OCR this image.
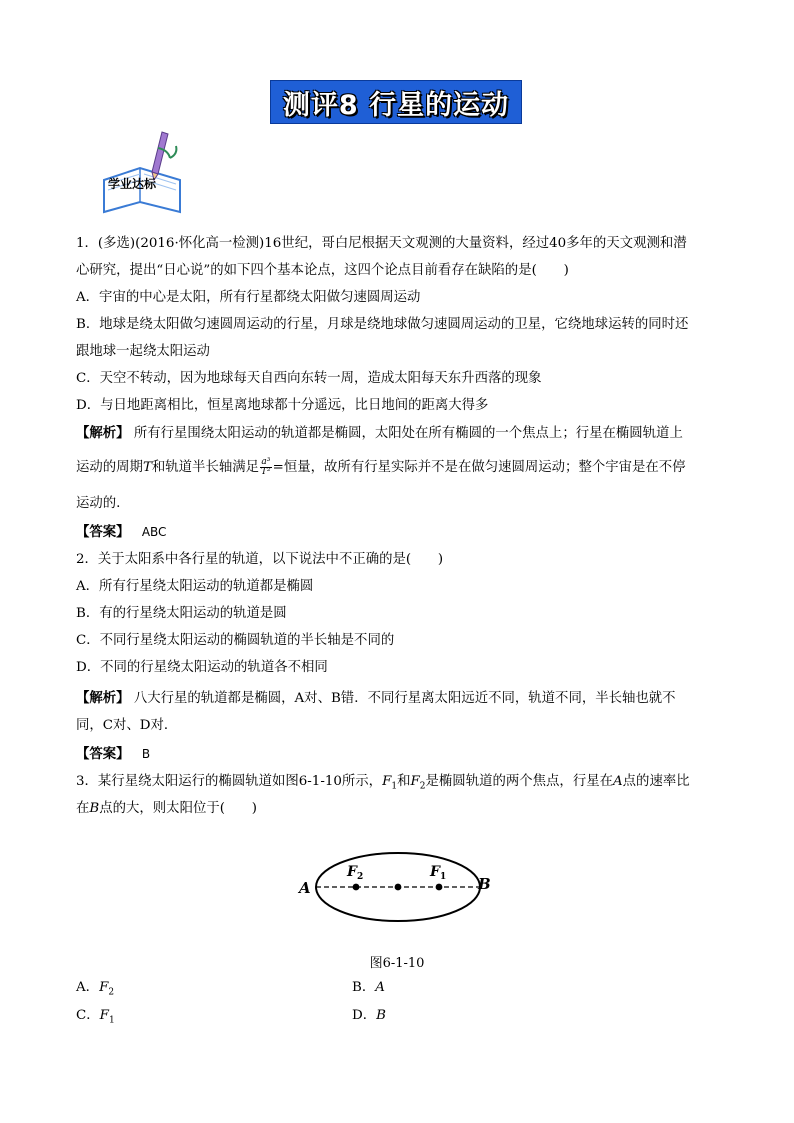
测评8 行星的运动
学业达标
1．(多选)(2016·怀化高一检测)16世纪，哥白尼根据天文观测的大量资料，经过40多年的天文观测和潜
心研究，提出“日心说”的如下四个基本论点，这四个论点目前看存在缺陷的是(　　)
A．宇宙的中心是太阳，所有行星都绕太阳做匀速圆周运动
B．地球是绕太阳做匀速圆周运动的行星，月球是绕地球做匀速圆周运动的卫星，它绕地球运转的同时还
跟地球一起绕太阳运动
C．天空不转动，因为地球每天自西向东转一周，造成太阳每天东升西落的现象
D．与日地距离相比，恒星离地球都十分遥远，比日地间的距离大得多
【解析】 所有行星围绕太阳运动的轨道都是椭圆，太阳处在所有椭圆的一个焦点上；行星在椭圆轨道上
运动的周期T和轨道半长轴满足 $\frac{\text{a³}}{\text{T²}}$ =恒量，故所有行星实际并不是在做匀速圆周运动；整个宇宙是在不停
运动的.
【答案】 ABC
2．关于太阳系中各行星的轨道，以下说法中不正确的是(　　)
A．所有行星绕太阳运动的轨道都是椭圆
B．有的行星绕太阳运动的轨道是圆
C．不同行星绕太阳运动的椭圆轨道的半长轴是不同的
D．不同的行星绕太阳运动的轨道各不相同
【解析】 八大行星的轨道都是椭圆，A对、B错．不同行星离太阳远近不同，轨道不同，半长轴也就不
同，C对、D对．
【答案】 B
3．某行星绕太阳运行的椭圆轨道如图6-1-10所示，$F_1$和$F_2$是椭圆轨道的两个焦点，行星在A点的速率比
在B点的大，则太阳位于(　　)
A	B
F 2	F 1
图6-1-10
A．$F_2$	B．A
C．$F_1$	D．B
